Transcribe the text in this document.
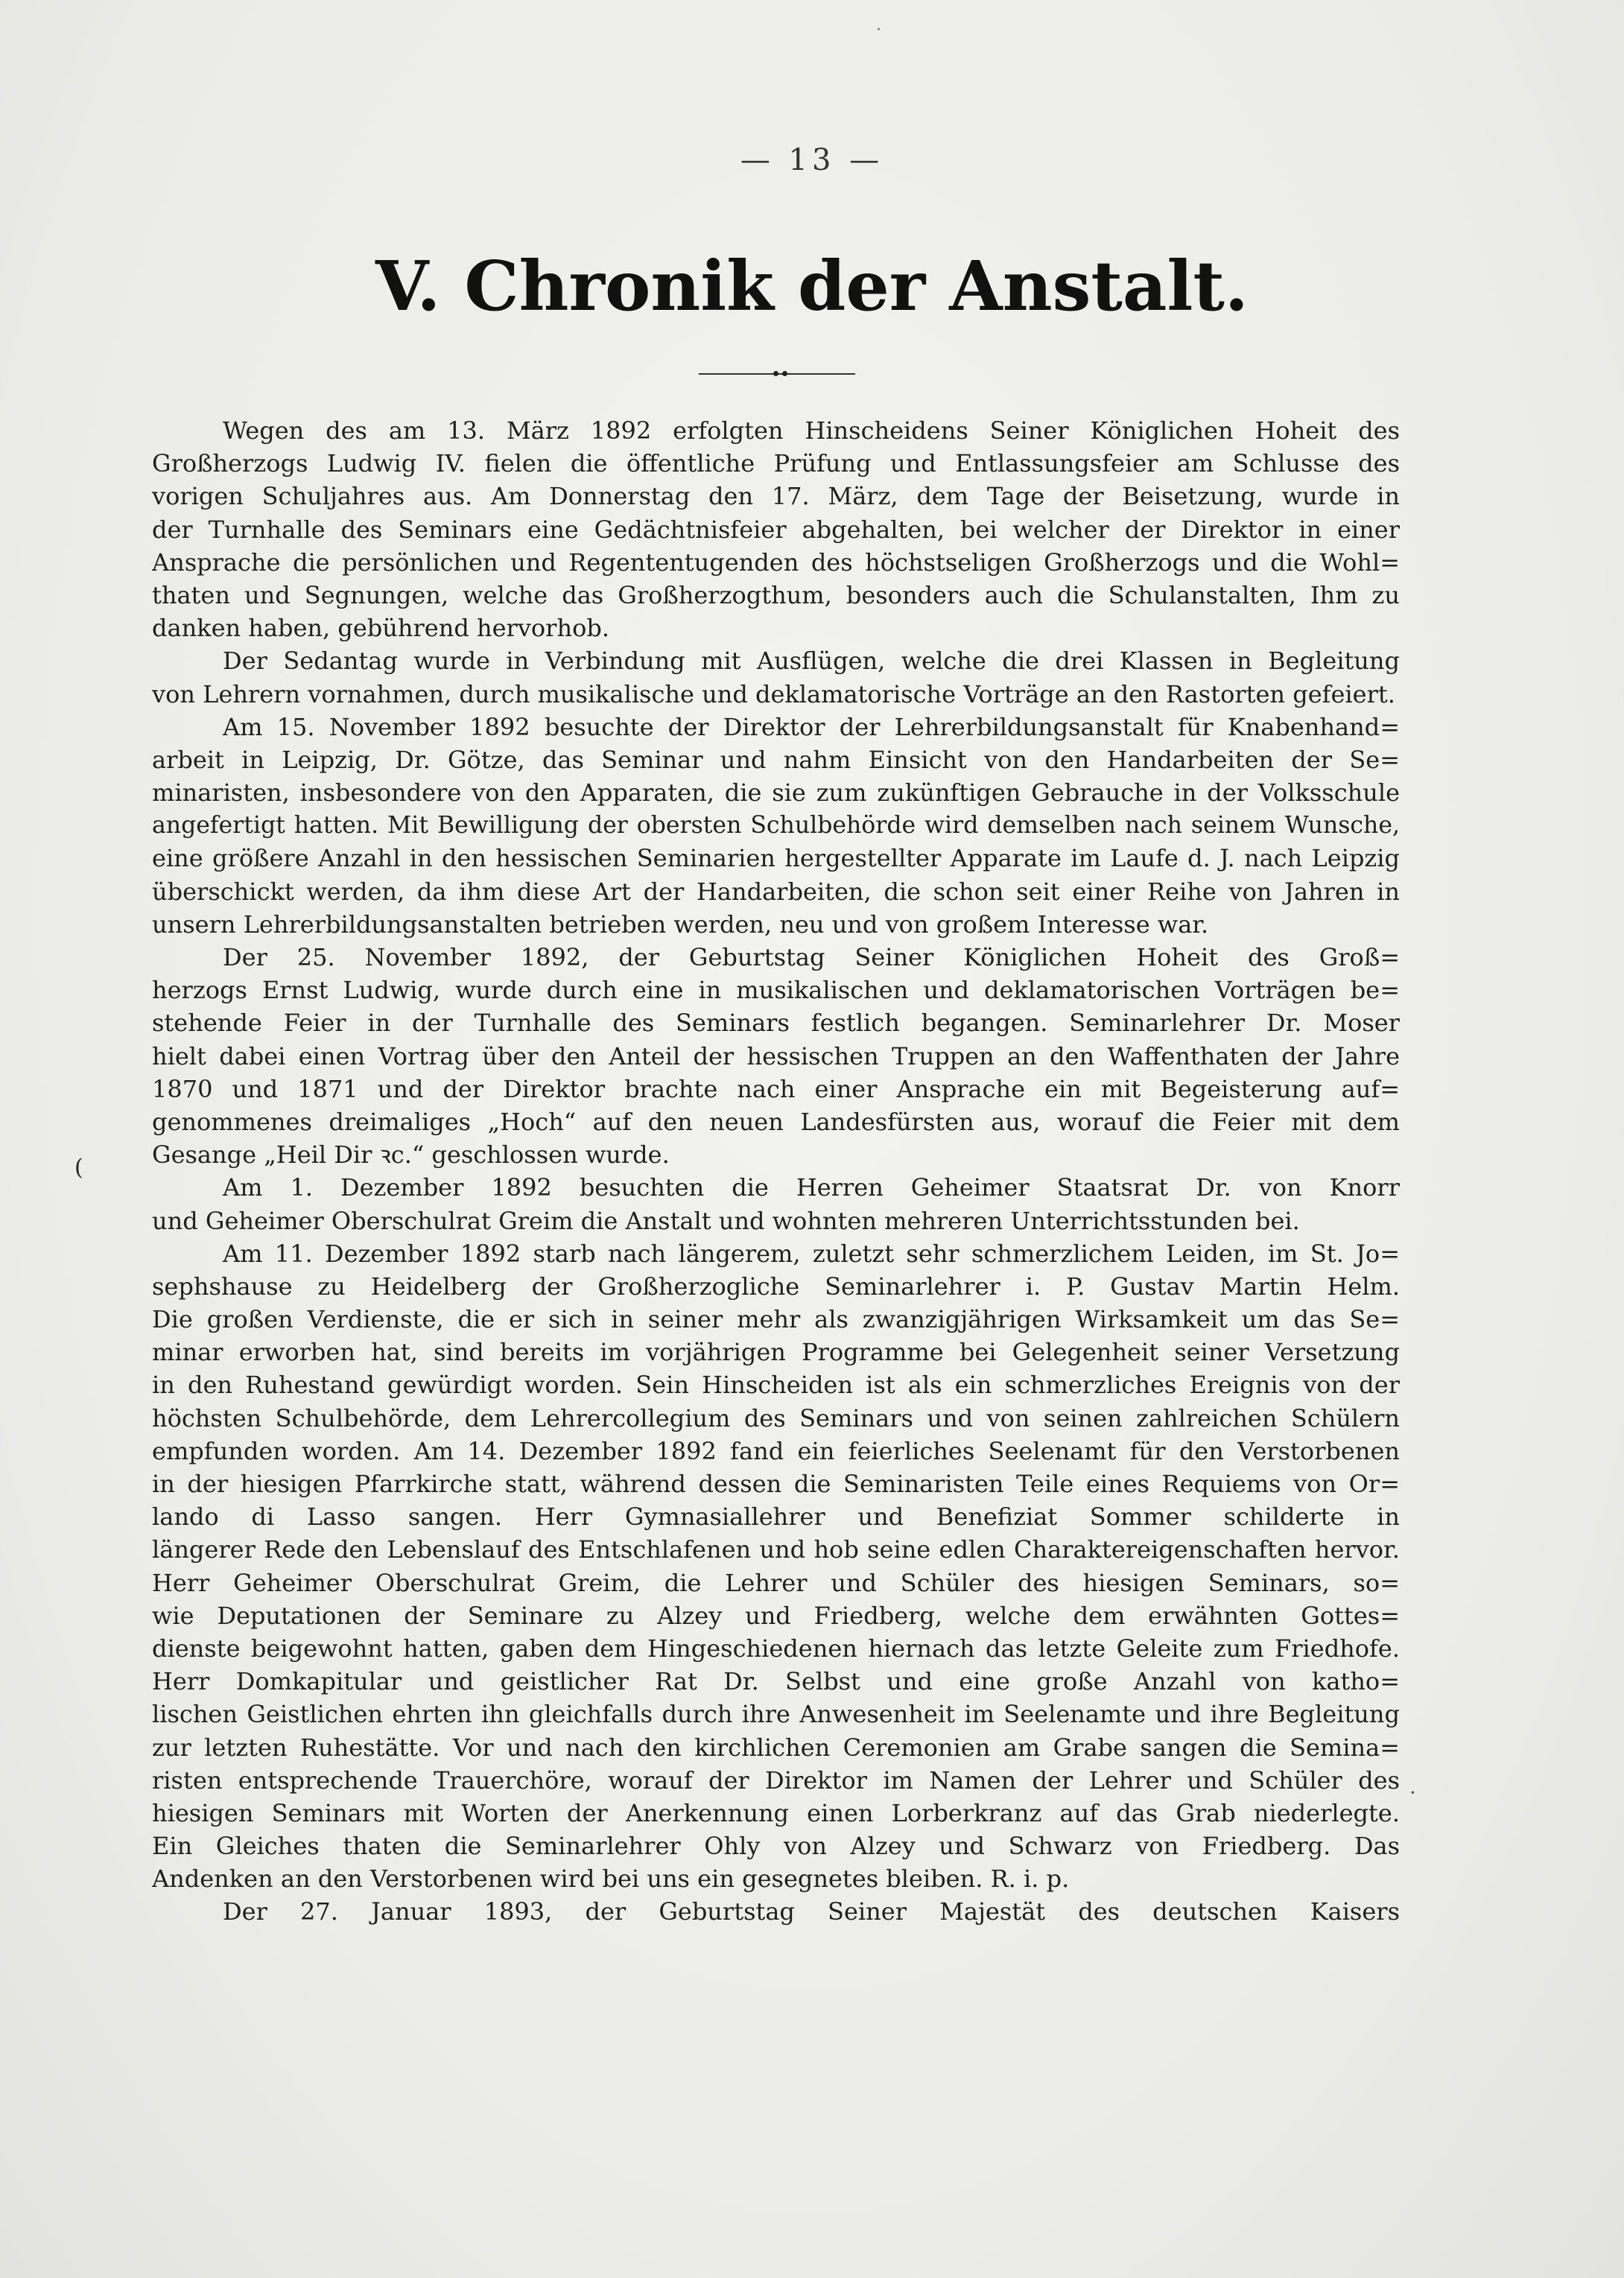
·
— 13 —
V. Chronik der Anstalt.
(
·
Wegen des am 13. März 1892 erfolgten Hinscheidens Seiner Königlichen Hoheit des
Großherzogs Ludwig IV. fielen die öffentliche Prüfung und Entlassungsfeier am Schlusse des
vorigen Schuljahres aus. Am Donnerstag den 17. März, dem Tage der Beisetzung, wurde in
der Turnhalle des Seminars eine Gedächtnisfeier abgehalten, bei welcher der Direktor in einer
Ansprache die persönlichen und Regententugenden des höchstseligen Großherzogs und die Wohl=
thaten und Segnungen, welche das Großherzogthum, besonders auch die Schulanstalten, Ihm zu
danken haben, gebührend hervorhob.
Der Sedantag wurde in Verbindung mit Ausflügen, welche die drei Klassen in Begleitung
von Lehrern vornahmen, durch musikalische und deklamatorische Vorträge an den Rastorten gefeiert.
Am 15. November 1892 besuchte der Direktor der Lehrerbildungsanstalt für Knabenhand=
arbeit in Leipzig, Dr. Götze, das Seminar und nahm Einsicht von den Handarbeiten der Se=
minaristen, insbesondere von den Apparaten, die sie zum zukünftigen Gebrauche in der Volksschule
angefertigt hatten. Mit Bewilligung der obersten Schulbehörde wird demselben nach seinem Wunsche,
eine größere Anzahl in den hessischen Seminarien hergestellter Apparate im Laufe d. J. nach Leipzig
überschickt werden, da ihm diese Art der Handarbeiten, die schon seit einer Reihe von Jahren in
unsern Lehrerbildungsanstalten betrieben werden, neu und von großem Interesse war.
Der 25. November 1892, der Geburtstag Seiner Königlichen Hoheit des Groß=
herzogs Ernst Ludwig, wurde durch eine in musikalischen und deklamatorischen Vorträgen be=
stehende Feier in der Turnhalle des Seminars festlich begangen. Seminarlehrer Dr. Moser
hielt dabei einen Vortrag über den Anteil der hessischen Truppen an den Waffenthaten der Jahre
1870 und 1871 und der Direktor brachte nach einer Ansprache ein mit Begeisterung auf=
genommenes dreimaliges „Hoch“ auf den neuen Landesfürsten aus, worauf die Feier mit dem
Gesange „Heil Dir ꝛc.“ geschlossen wurde.
Am 1. Dezember 1892 besuchten die Herren Geheimer Staatsrat Dr. von Knorr
und Geheimer Oberschulrat Greim die Anstalt und wohnten mehreren Unterrichtsstunden bei.
Am 11. Dezember 1892 starb nach längerem, zuletzt sehr schmerzlichem Leiden, im St. Jo=
sephshause zu Heidelberg der Großherzogliche Seminarlehrer i. P. Gustav Martin Helm.
Die großen Verdienste, die er sich in seiner mehr als zwanzigjährigen Wirksamkeit um das Se=
minar erworben hat, sind bereits im vorjährigen Programme bei Gelegenheit seiner Versetzung
in den Ruhestand gewürdigt worden. Sein Hinscheiden ist als ein schmerzliches Ereignis von der
höchsten Schulbehörde, dem Lehrercollegium des Seminars und von seinen zahlreichen Schülern
empfunden worden. Am 14. Dezember 1892 fand ein feierliches Seelenamt für den Verstorbenen
in der hiesigen Pfarrkirche statt, während dessen die Seminaristen Teile eines Requiems von Or=
lando di Lasso sangen. Herr Gymnasiallehrer und Benefiziat Sommer schilderte in
längerer Rede den Lebenslauf des Entschlafenen und hob seine edlen Charaktereigenschaften hervor.
Herr Geheimer Oberschulrat Greim, die Lehrer und Schüler des hiesigen Seminars, so=
wie Deputationen der Seminare zu Alzey und Friedberg, welche dem erwähnten Gottes=
dienste beigewohnt hatten, gaben dem Hingeschiedenen hiernach das letzte Geleite zum Friedhofe.
Herr Domkapitular und geistlicher Rat Dr. Selbst und eine große Anzahl von katho=
lischen Geistlichen ehrten ihn gleichfalls durch ihre Anwesenheit im Seelenamte und ihre Begleitung
zur letzten Ruhestätte. Vor und nach den kirchlichen Ceremonien am Grabe sangen die Semina=
risten entsprechende Trauerchöre, worauf der Direktor im Namen der Lehrer und Schüler des
hiesigen Seminars mit Worten der Anerkennung einen Lorberkranz auf das Grab niederlegte.
Ein Gleiches thaten die Seminarlehrer Ohly von Alzey und Schwarz von Friedberg. Das
Andenken an den Verstorbenen wird bei uns ein gesegnetes bleiben. R. i. p.
Der 27. Januar 1893, der Geburtstag Seiner Majestät des deutschen Kaisers
